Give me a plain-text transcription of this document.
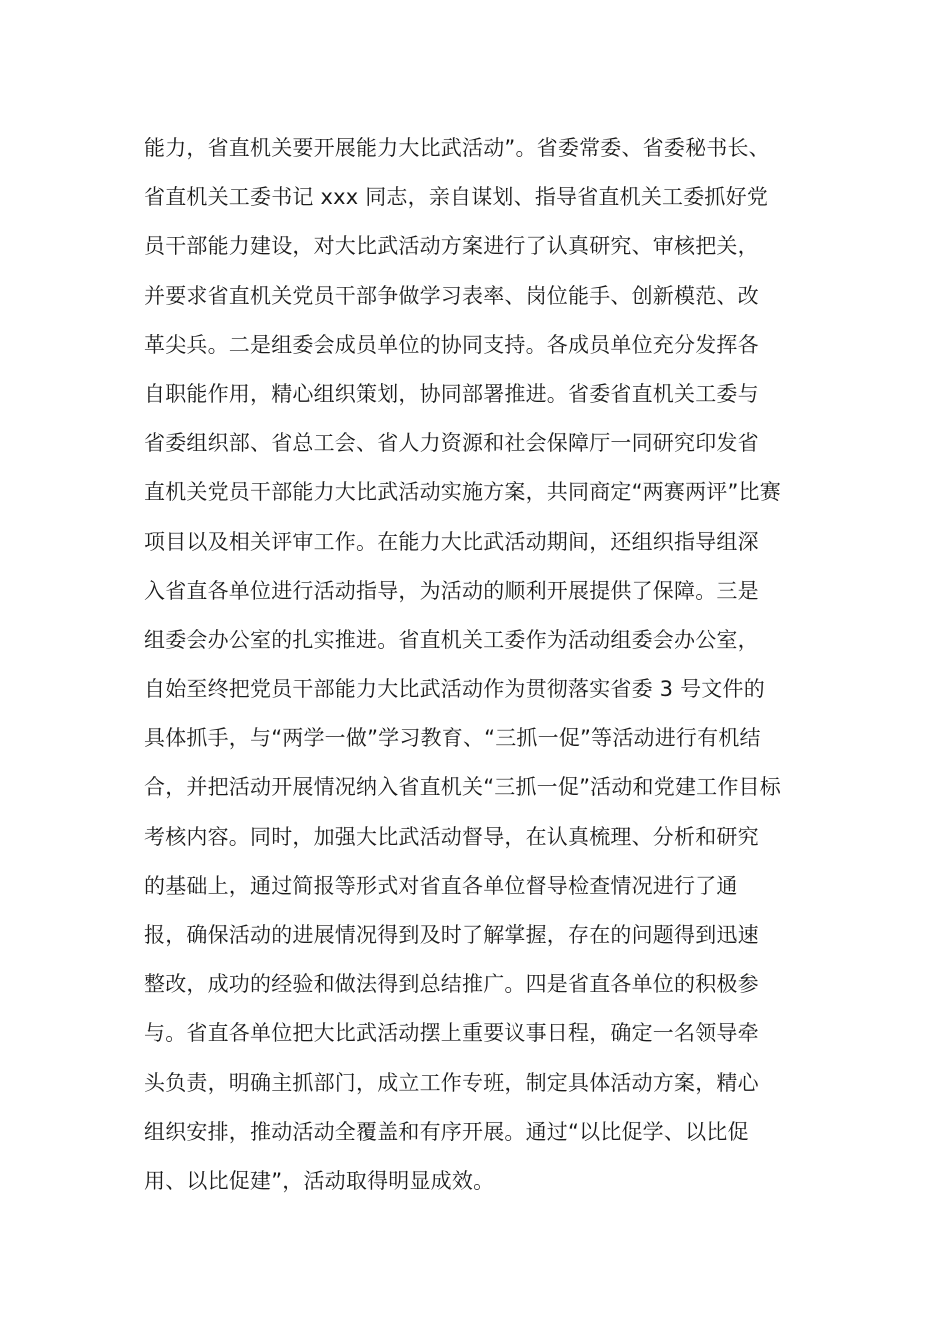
能力，省直机关要开展能力大比武活动”。省委常委、省委秘书长、
省直机关工委书记 xxx 同志，亲自谋划、指导省直机关工委抓好党
员干部能力建设，对大比武活动方案进行了认真研究、审核把关，
并要求省直机关党员干部争做学习表率、岗位能手、创新模范、改
革尖兵。二是组委会成员单位的协同支持。各成员单位充分发挥各
自职能作用，精心组织策划，协同部署推进。省委省直机关工委与
省委组织部、省总工会、省人力资源和社会保障厅一同研究印发省
直机关党员干部能力大比武活动实施方案，共同商定“两赛两评”比赛
项目以及相关评审工作。在能力大比武活动期间，还组织指导组深
入省直各单位进行活动指导，为活动的顺利开展提供了保障。三是
组委会办公室的扎实推进。省直机关工委作为活动组委会办公室，
自始至终把党员干部能力大比武活动作为贯彻落实省委 3 号文件的
具体抓手，与“两学一做”学习教育、“三抓一促”等活动进行有机结
合，并把活动开展情况纳入省直机关“三抓一促”活动和党建工作目标
考核内容。同时，加强大比武活动督导，在认真梳理、分析和研究
的基础上，通过简报等形式对省直各单位督导检查情况进行了通
报，确保活动的进展情况得到及时了解掌握，存在的问题得到迅速
整改，成功的经验和做法得到总结推广。四是省直各单位的积极参
与。省直各单位把大比武活动摆上重要议事日程，确定一名领导牵
头负责，明确主抓部门，成立工作专班，制定具体活动方案，精心
组织安排，推动活动全覆盖和有序开展。通过“以比促学、以比促
用、以比促建”，活动取得明显成效。
